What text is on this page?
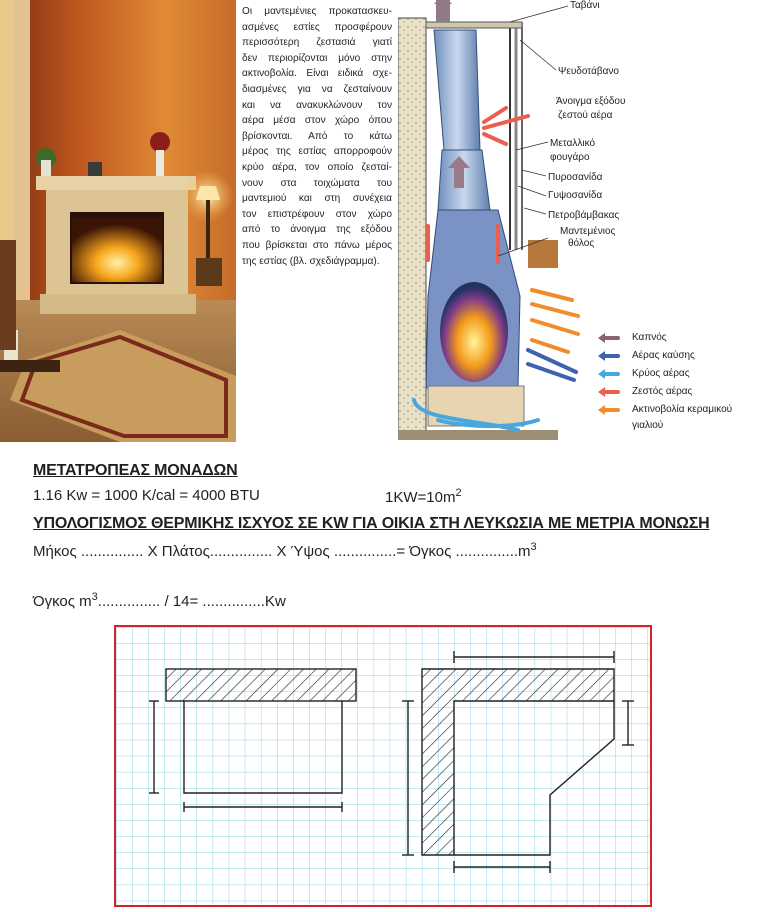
Οι μαντεμένιες προκατασκευ-
ασμένες εστίες προσφέρουν
περισσότερη ζεστασιά γιατί
δεν περιορίζονται μόνο στην
ακτινοβολία. Είναι ειδικά σχε-
διασμένες για να ζεσταίνουν
και να ανακυκλώνουν τον
αέρα μέσα στον χώρο όπου
βρίσκονται. Από το κάτω
μέρος της εστίας απορροφούν
κρύο αέρα, τον οποίο ζεσταί-
νουν στα τοιχώματα του
μαντεμιού και στη συνέχεια
τον επιστρέφουν στον χώρο
από το άνοιγμα της εξόδου
που βρίσκεται στο πάνω μέρος
της εστίας (βλ. σχεδιάγραμμα).
Ταβάνι
Ψευδοτάβανο
Άνοιγμα εξόδου
ζεστού αέρα
Μεταλλικό
φουγάρο
Πυροσανίδα
Γυψοσανίδα
Πετροβάμβακας
Μαντεμένιος
θόλος
Καπνός
Αέρας καύσης
Κρύος αέρας
Ζεστός αέρας
Ακτινοβολία κεραμικού
γιαλιού
ΜΕΤΑΤΡΟΠΕΑΣ ΜΟΝΑΔΩΝ
1.16 Kw = 1000 K/cal = 4000 BTU	$1KW=10m^2$
ΥΠΟΛΟΓΙΣΜΟΣ ΘΕΡΜΙΚΗΣ ΙΣΧΥΟΣ ΣΕ KW ΓΙΑ ΟΙΚΙΑ ΣΤΗ ΛΕΥΚΩΣΙΑ ΜΕ ΜΕΤΡΙΑ ΜΟΝΩΣΗ
Μήκος ............... Χ Πλάτος............... Χ Ύψος ...............= Όγκος $...............m^3$
Όγκος $m^3$............... / 14= ...............Kw
